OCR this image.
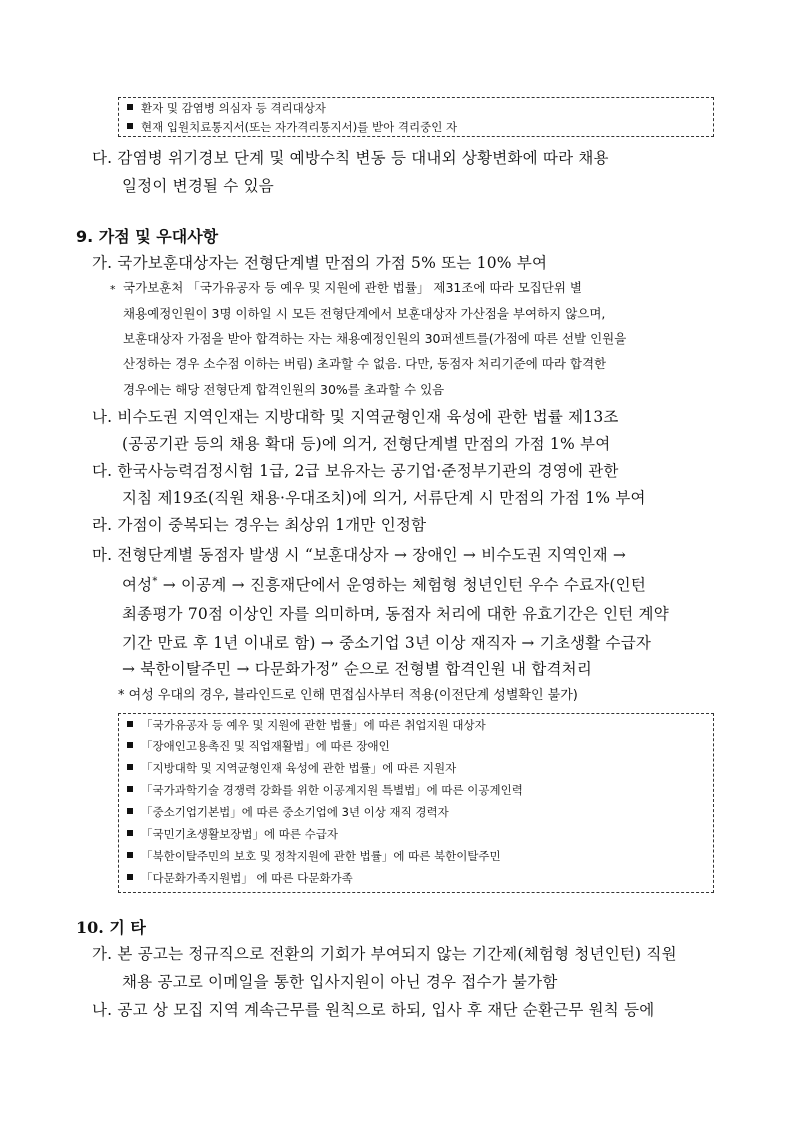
환자 및 감염병 의심자 등 격리대상자
현재 입원치료통지서(또는 자가격리통지서)를 받아 격리중인 자
다. 감염병 위기경보 단계 및 예방수칙 변동 등 대내외 상황변화에 따라 채용
일정이 변경될 수 있음
9. 가점 및 우대사항
가. 국가보훈대상자는 전형단계별 만점의 가점 5% 또는 10% 부여
* 국가보훈처 「국가유공자 등 예우 및 지원에 관한 법률」 제31조에 따라 모집단위 별
채용예정인원이 3명 이하일 시 모든 전형단계에서 보훈대상자 가산점을 부여하지 않으며,
보훈대상자 가점을 받아 합격하는 자는 채용예정인원의 30퍼센트를(가점에 따른 선발 인원을
산정하는 경우 소수점 이하는 버림) 초과할 수 없음. 다만, 동점자 처리기준에 따라 합격한
경우에는 해당 전형단계 합격인원의 30%를 초과할 수 있음
나. 비수도권 지역인재는 지방대학 및 지역균형인재 육성에 관한 법률 제13조
(공공기관 등의 채용 확대 등)에 의거, 전형단계별 만점의 가점 1% 부여
다. 한국사능력검정시험 1급, 2급 보유자는 공기업·준정부기관의 경영에 관한
지침 제19조(직원 채용·우대조치)에 의거, 서류단계 시 만점의 가점 1% 부여
라. 가점이 중복되는 경우는 최상위 1개만 인정함
마. 전형단계별 동점자 발생 시 “보훈대상자 → 장애인 → 비수도권 지역인재 →
여성* → 이공계 → 진흥재단에서 운영하는 체험형 청년인턴 우수 수료자(인턴
최종평가 70점 이상인 자를 의미하며, 동점자 처리에 대한 유효기간은 인턴 계약
기간 만료 후 1년 이내로 함) → 중소기업 3년 이상 재직자 → 기초생활 수급자
→ 북한이탈주민 → 다문화가정” 순으로 전형별 합격인원 내 합격처리
* 여성 우대의 경우, 블라인드로 인해 면접심사부터 적용(이전단계 성별확인 불가)
「국가유공자 등 예우 및 지원에 관한 법률」에 따른 취업지원 대상자
「장애인고용촉진 및 직업재활법」에 따른 장애인
「지방대학 및 지역균형인재 육성에 관한 법률」에 따른 지원자
「국가과학기술 경쟁력 강화를 위한 이공계지원 특별법」에 따른 이공계인력
「중소기업기본법」에 따른 중소기업에 3년 이상 재직 경력자
「국민기초생활보장법」에 따른 수급자
「북한이탈주민의 보호 및 정착지원에 관한 법률」에 따른 북한이탈주민
「다문화가족지원법」 에 따른 다문화가족
10. 기 타
가. 본 공고는 정규직으로 전환의 기회가 부여되지 않는 기간제(체험형 청년인턴) 직원
채용 공고로 이메일을 통한 입사지원이 아닌 경우 접수가 불가함
나. 공고 상 모집 지역 계속근무를 원칙으로 하되, 입사 후 재단 순환근무 원칙 등에
